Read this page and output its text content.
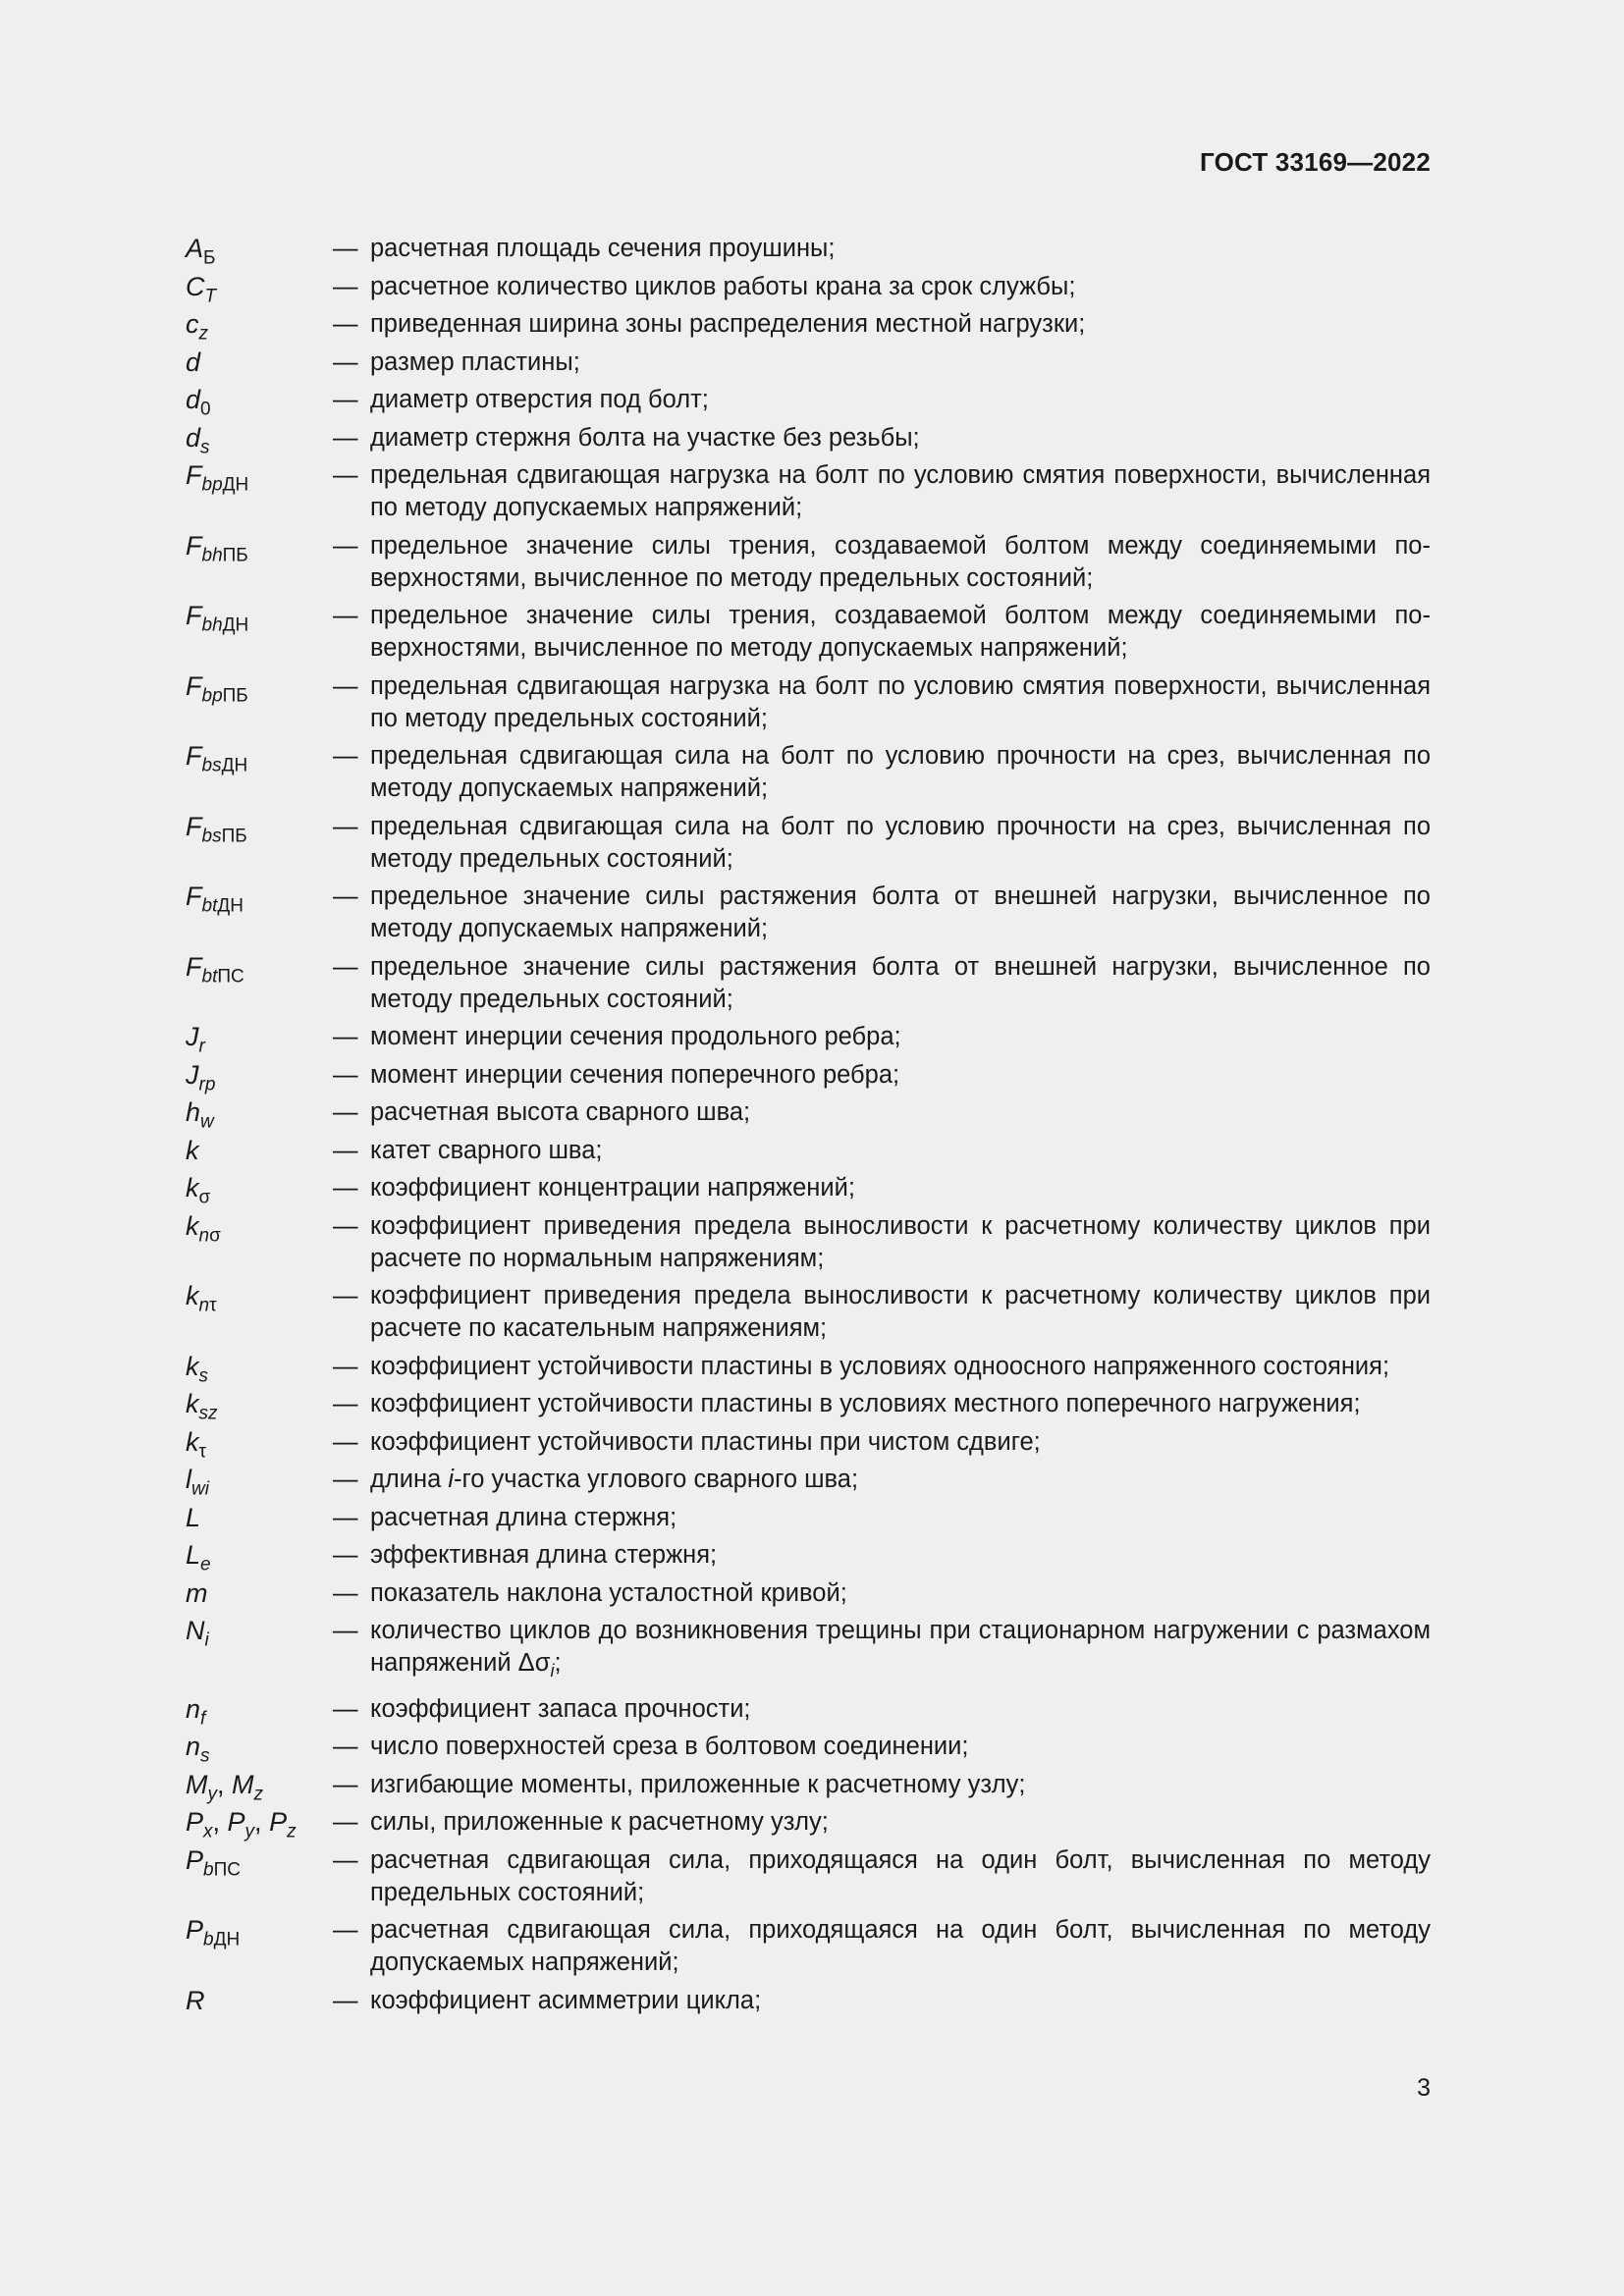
ГОСТ 33169—2022
$A_Б$	— расчетная площадь сечения проушины;
$C_T$	— расчетное количество циклов работы крана за срок службы;
$c_z$	— приведенная ширина зоны распределения местной нагрузки;
d	— размер пластины;
$d_0$	— диаметр отверстия под болт;
$d_s$	— диаметр стержня болта на участке без резьбы;
$F_{bpДН}$	— предельная сдвигающая нагрузка на болт по условию смятия поверхности, вычисленная по методу допускаемых напряжений;
$F_{bhПБ}$	— предельное значение силы трения, создаваемой болтом между соединяемыми поверхностями, вычисленное по методу предельных состояний;
$F_{bhДН}$	— предельное значение силы трения, создаваемой болтом между соединяемыми поверхностями, вычисленное по методу допускаемых напряжений;
$F_{bpПБ}$	— предельная сдвигающая нагрузка на болт по условию смятия поверхности, вычисленная по методу предельных состояний;
$F_{bsДН}$	— предельная сдвигающая сила на болт по условию прочности на срез, вычисленная по методу допускаемых напряжений;
$F_{bsПБ}$	— предельная сдвигающая сила на болт по условию прочности на срез, вычисленная по методу предельных состояний;
$F_{btДН}$	— предельное значение силы растяжения болта от внешней нагрузки, вычисленное по методу допускаемых напряжений;
$F_{btПС}$	— предельное значение силы растяжения болта от внешней нагрузки, вычисленное по методу предельных состояний;
$J_r$	— момент инерции сечения продольного ребра;
$J_{rp}$	— момент инерции сечения поперечного ребра;
$h_w$	— расчетная высота сварного шва;
k	— катет сварного шва;
$k_\sigma$	— коэффициент концентрации напряжений;
$k_{n\sigma}$	— коэффициент приведения предела выносливости к расчетному количеству циклов при расчете по нормальным напряжениям;
$k_{n\tau}$	— коэффициент приведения предела выносливости к расчетному количеству циклов при расчете по касательным напряжениям;
$k_s$	— коэффициент устойчивости пластины в условиях одноосного напряженного состояния;
$k_{sz}$	— коэффициент устойчивости пластины в условиях местного поперечного нагружения;
$k_\tau$	— коэффициент устойчивости пластины при чистом сдвиге;
$l_{wi}$	— длина i-го участка углового сварного шва;
L	— расчетная длина стержня;
$L_e$	— эффективная длина стержня;
m	— показатель наклона усталостной кривой;
$N_i$	— количество циклов до возникновения трещины при стационарном нагружении с размахом напряжений $\Delta\sigma_i$;
$n_f$	— коэффициент запаса прочности;
$n_s$	— число поверхностей среза в болтовом соединении;
$M_y$, $M_z$	— изгибающие моменты, приложенные к расчетному узлу;
$P_x$, $P_y$, $P_z$	— силы, приложенные к расчетному узлу;
$P_{bПС}$	— расчетная сдвигающая сила, приходящаяся на один болт, вычисленная по методу предельных состояний;
$P_{bДН}$	— расчетная сдвигающая сила, приходящаяся на один болт, вычисленная по методу допускаемых напряжений;
R	— коэффициент асимметрии цикла;
3
